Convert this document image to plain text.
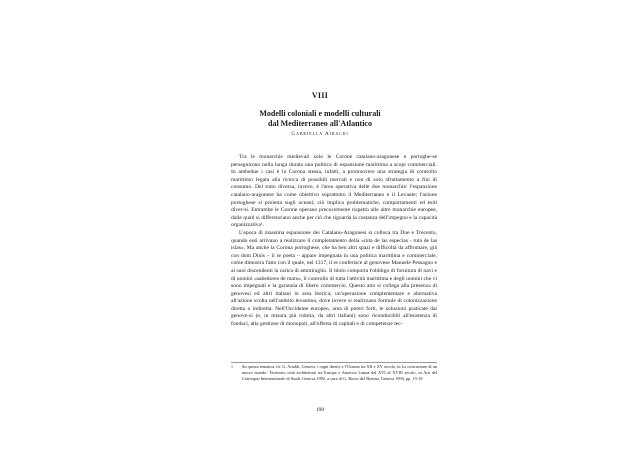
VIII
Modelli coloniali e modelli culturali
dal Mediterraneo all'Atlantico
Gabriella Airaldi

Tra le monarchie medievali solo le Corone catalano-aragonese e portoghe-se perseguirono nella lunga durata una politica di espansione marittima a scopi commerciali. In ambedue i casi è la Corona stessa, infatti, a promuovere una strategia di controllo marittimo legata alla ricerca di possibili mercati e non di solo sfruttamento a fini di consumo. Del tutto diversa, invece, è l'area operativa delle due monarchie: l'espansione catalano-aragonese ha come obiettivo soprattutto il Mediterraneo e il Levante; l'azione portoghese si proietta sugli oceani; ciò implica problematiche, comportamenti ed esiti diver-si. Entrambe le Corone operano precocemente rispetto alle altre monarchie europee, dalle quali si differenziano anche per ciò che riguarda la costanza dell'impegno e la capacità organizzativa¹.

L'epoca di massima espansione dei Catalano-Aragonesi si colloca tra Due e Trecento, quando essi arrivano a realizzare il completamento della «ruta de las especias - ruta de las islas». Ma anche la Corona portoghese, che ha ben altri spazi e difficoltà da affrontare, già con dom Dinis – il re poeta – appare impegnata in una politica marittima e commerciale, come dimostra l'atto con il quale, nel 1317, il re conferisce al genovese Manuele Pessagno e ai suoi discendenti la carica di ammiraglio. Il titolo comporta l'obbligo di fornitura di navi e di uomini «sabedores de mars», il controllo di tutta l'attività marittima e degli uomini che vi sono impegnati e la garanzia di libero commercio. Questo atto si collega alla presenza di genovesi ed altri italiani in area iberica; un'operazione complementare e alternativa all'azione svolta nell'ambito levantino, dove invece si realizzano formule di colonizzazione diretta o indiretta. Nell'Occidente europeo, area di poteri forti, le soluzioni praticate dai genove-si (e, in misura più ridotta, da altri italiani) sono riconducibili all'esistenza di fondaci, alla gestione di monopoli, all'offerta di capitali e di competenze tec-

1	Su questa tematica cfr. G. Airaldi, Genova, i regni iberici e l'Oceano tra XII e XV secolo, in La costruzione di un nuovo mondo. Territorio città architettura tra Europa e America Latina dal XVI al XVIII secolo, in Atti del Convegno Internazionale di Studi, Genova 1992, a cura di G. Rosso del Brenna, Genova 1994, pp. 13-19.
190
